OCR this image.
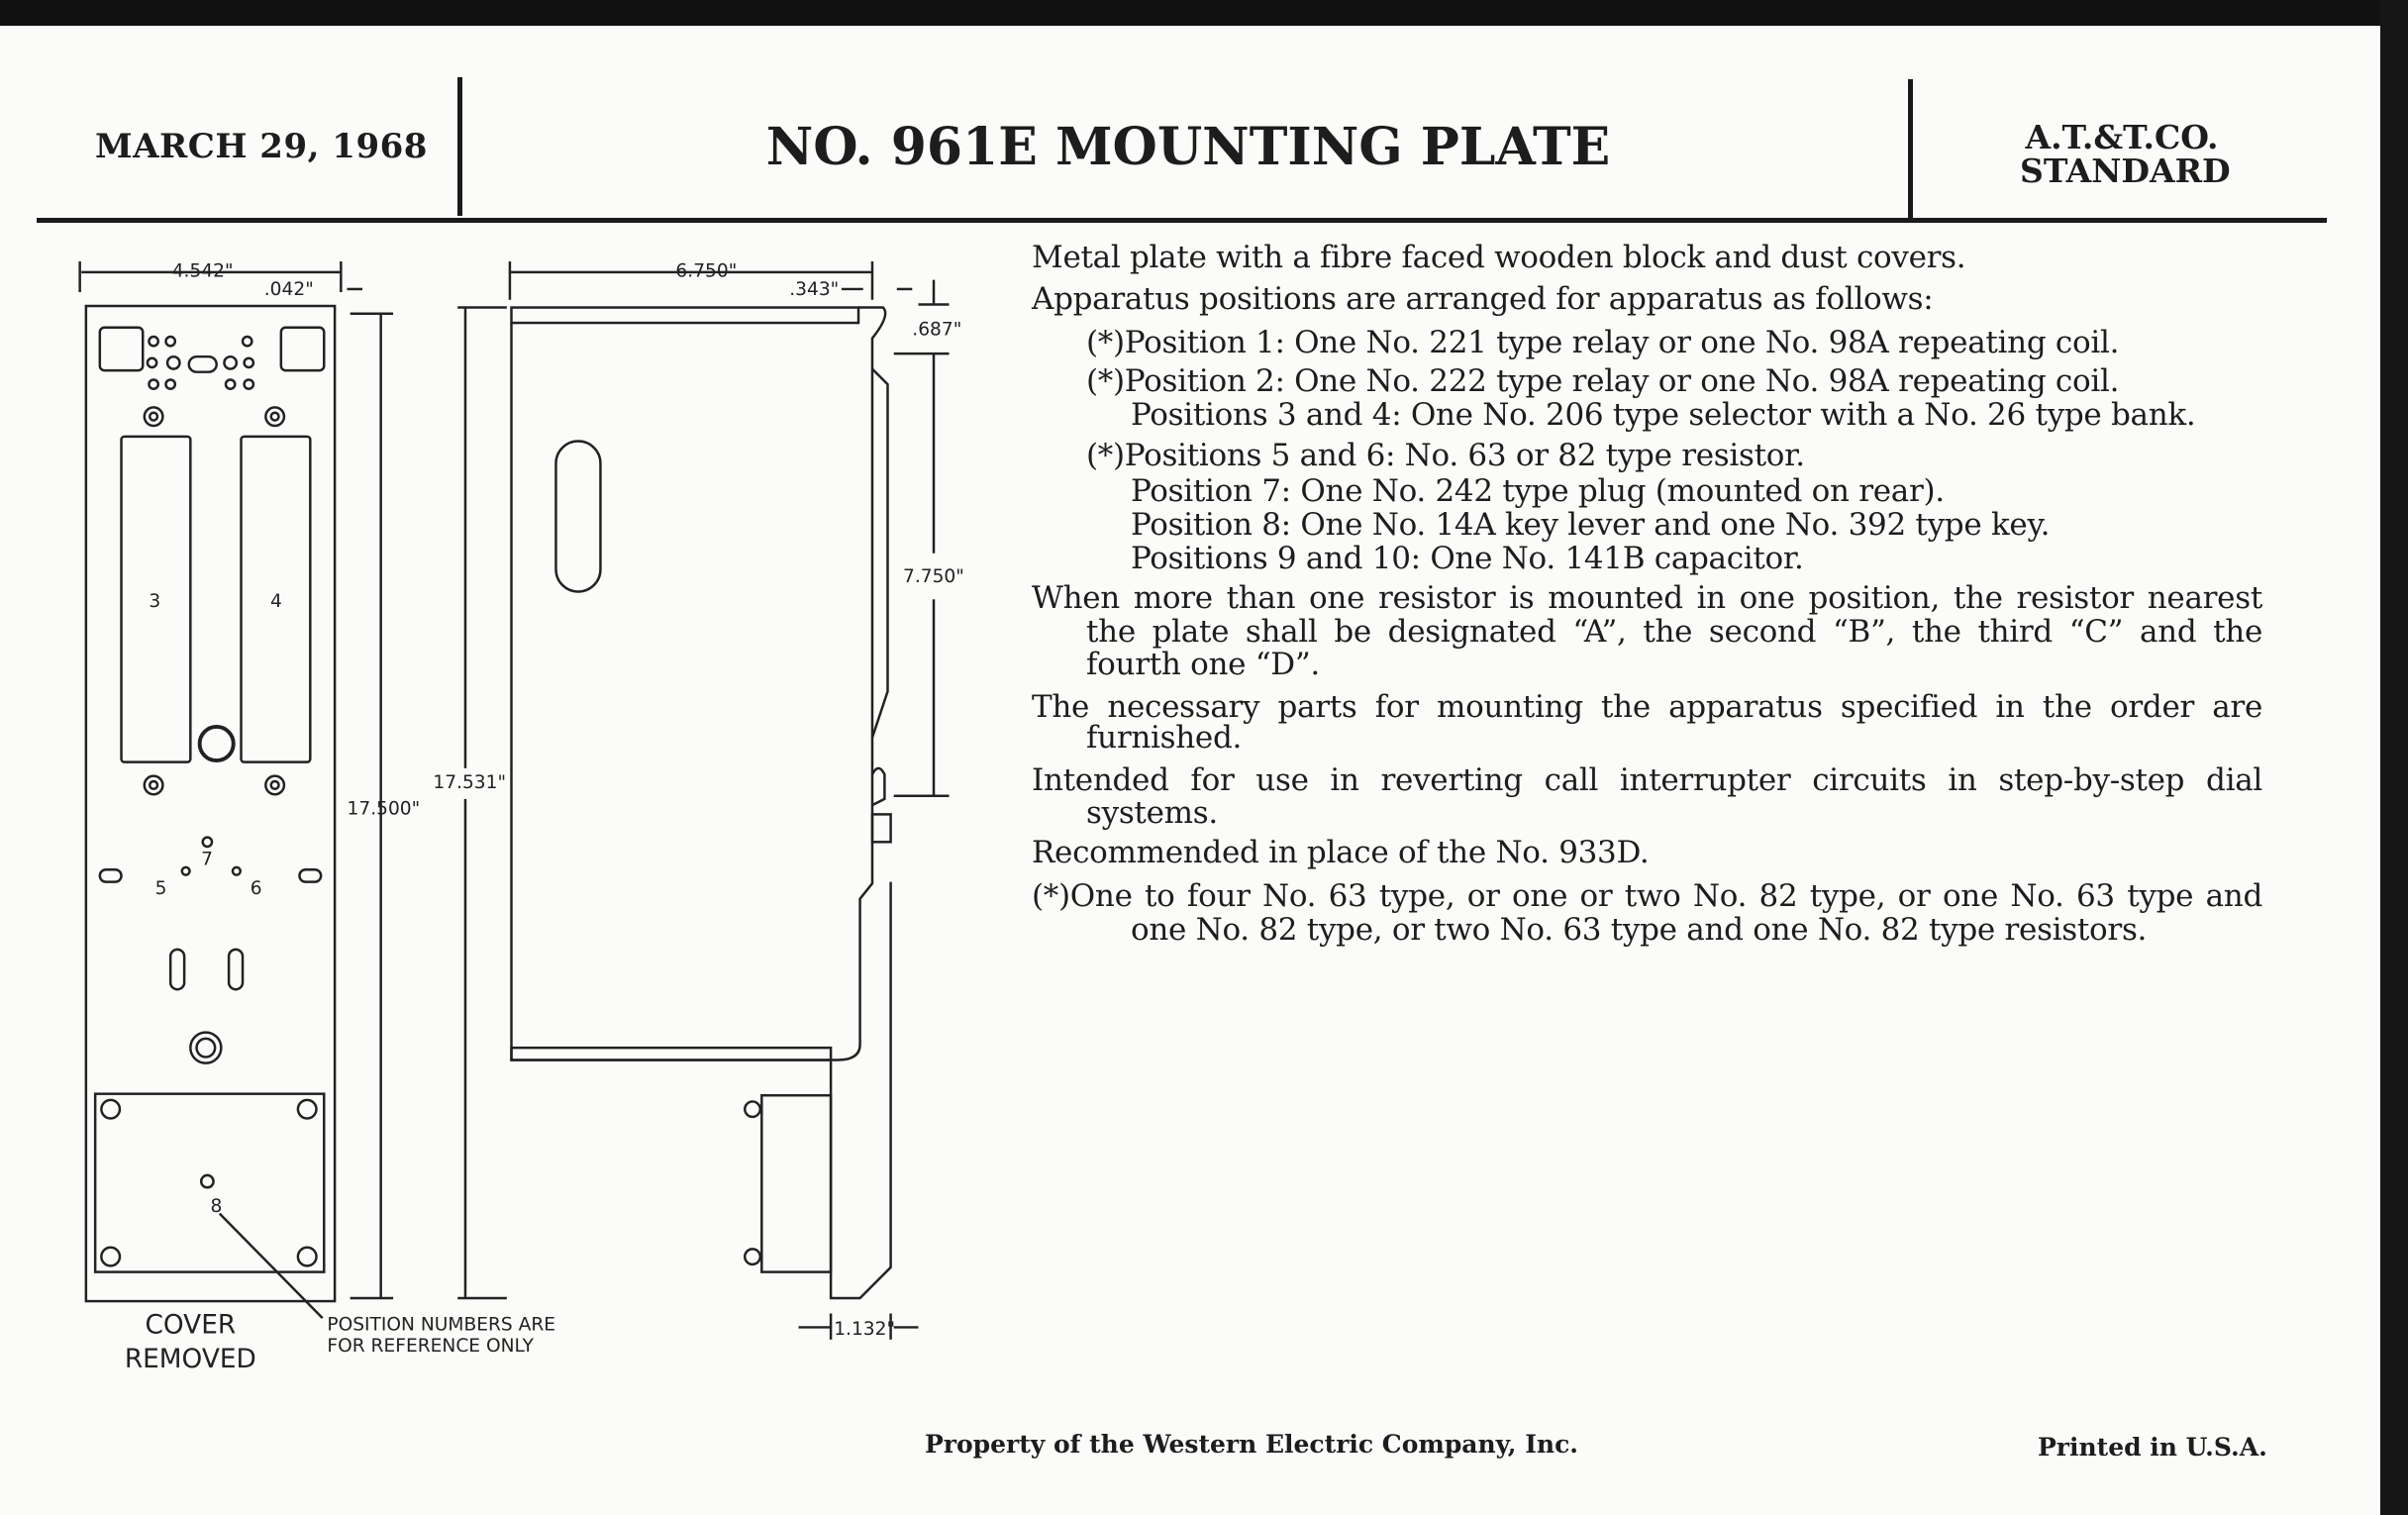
MARCH 29, 1968	NO. 961E MOUNTING PLATE	A.T.&T.CO.
STANDARD
Metal plate with a fibre faced wooden block and dust covers.
Apparatus positions are arranged for apparatus as follows:
(*)Position 1: One No. 221 type relay or one No. 98A repeating coil.
(*)Position 2: One No. 222 type relay or one No. 98A repeating coil.
Positions 3 and 4: One No. 206 type selector with a No. 26 type bank.
(*)Positions 5 and 6: No. 63 or 82 type resistor.
Position 7: One No. 242 type plug (mounted on rear).
Position 8: One No. 14A key lever and one No. 392 type key.
Positions 9 and 10: One No. 141B capacitor.
When more than one resistor is mounted in one position, the resistor nearest
the plate shall be designated “A”, the second “B”, the third “C” and the
fourth one “D”.
The necessary parts for mounting the apparatus specified in the order are
furnished.
Intended for use in reverting call interrupter circuits in step-by-step dial
systems.
Recommended in place of the No. 933D.
(*)One to four No. 63 type, or one or two No. 82 type, or one No. 63 type and
one No. 82 type, or two No. 63 type and one No. 82 type resistors.
4.542"
.042"
17.500"
17.531"
6.750"
.343"
.687"
7.750"
1.132"
3	4
5	6
7
8
COVER
REMOVED
POSITION NUMBERS ARE
FOR REFERENCE ONLY
Property of the Western Electric Company, Inc.	Printed in U.S.A.
